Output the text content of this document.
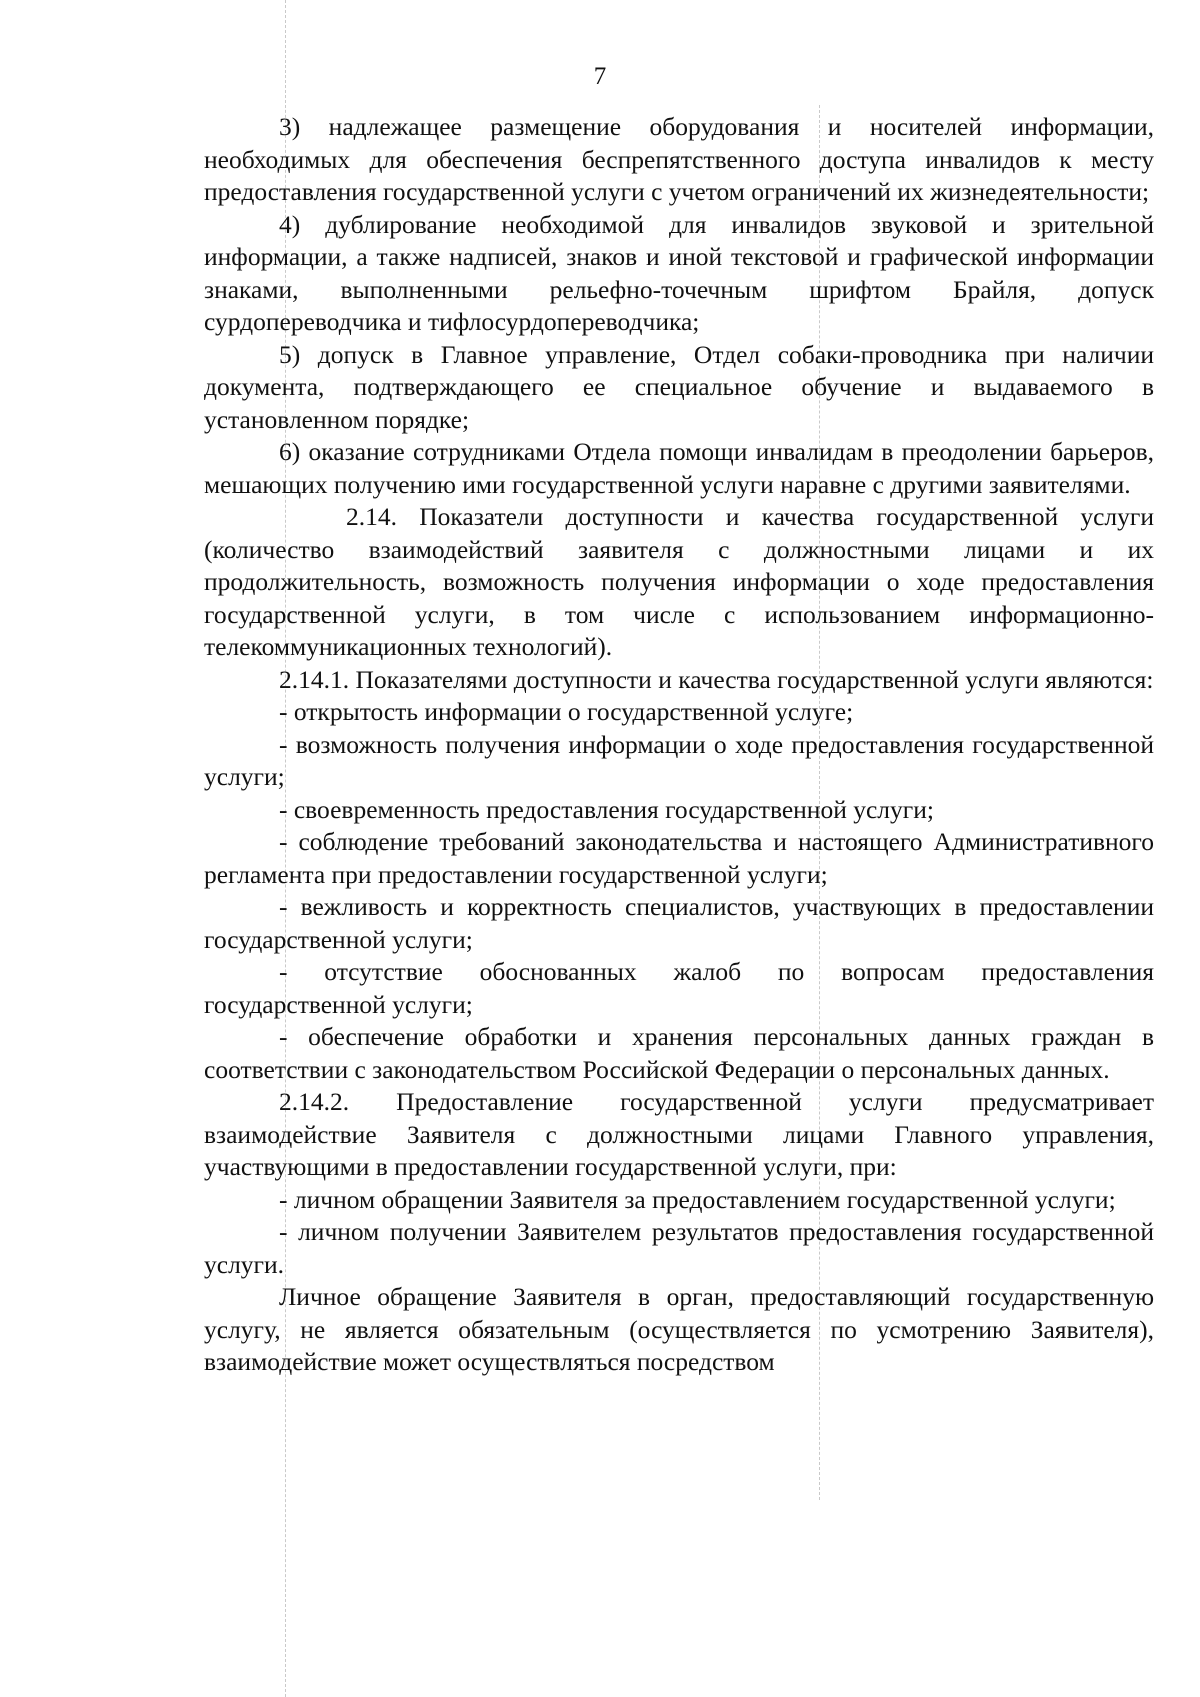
7

3) надлежащее размещение оборудования и носителей информации, необходимых для обеспечения беспрепятственного доступа инвалидов к месту предоставления государственной услуги с учетом ограничений их жизнедеятельности;

4) дублирование необходимой для инвалидов звуковой и зрительной информации, а также надписей, знаков и иной текстовой и графической информации знаками, выполненными рельефно-точечным шрифтом Брайля, допуск сурдопереводчика и тифлосурдопереводчика;

5) допуск в Главное управление, Отдел собаки-проводника при наличии документа, подтверждающего ее специальное обучение и выдаваемого в установленном порядке;

6) оказание сотрудниками Отдела помощи инвалидам в преодолении барьеров, мешающих получению ими государственной услуги наравне с другими заявителями.

2.14. Показатели доступности и качества государственной услуги (количество взаимодействий заявителя с должностными лицами и их продолжительность, возможность получения информации о ходе предоставления государственной услуги, в том числе с использованием информационно-телекоммуникационных технологий).

2.14.1. Показателями доступности и качества государственной услуги являются:

- открытость информации о государственной услуге;

- возможность получения информации о ходе предоставления государственной услуги;

- своевременность предоставления государственной услуги;

- соблюдение требований законодательства и настоящего Административного регламента при предоставлении государственной услуги;

- вежливость и корректность специалистов, участвующих в предоставлении государственной услуги;

- отсутствие обоснованных жалоб по вопросам предоставления государственной услуги;

- обеспечение обработки и хранения персональных данных граждан в соответствии с законодательством Российской Федерации о персональных данных.

2.14.2. Предоставление государственной услуги предусматривает взаимодействие Заявителя с должностными лицами Главного управления, участвующими в предоставлении государственной услуги, при:

- личном обращении Заявителя за предоставлением государственной услуги;

- личном получении Заявителем результатов предоставления государственной услуги.

Личное обращение Заявителя в орган, предоставляющий государственную услугу, не является обязательным (осуществляется по усмотрению Заявителя), взаимодействие может осуществляться посредством
